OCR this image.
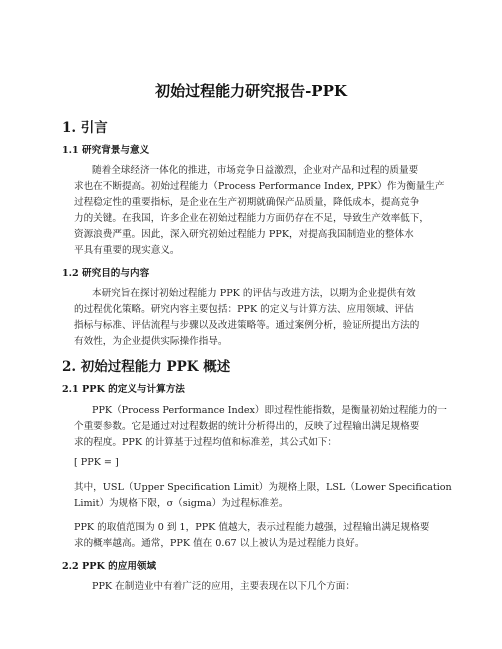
初始过程能力研究报告-PPK
1. 引言
1.1 研究背景与意义
随着全球经济一体化的推进，市场竞争日益激烈，企业对产品和过程的质量要
求也在不断提高。初始过程能力（Process Performance Index, PPK）作为衡量生产
过程稳定性的重要指标，是企业在生产初期就确保产品质量，降低成本，提高竞争
力的关键。在我国，许多企业在初始过程能力方面仍存在不足，导致生产效率低下，
资源浪费严重。因此，深入研究初始过程能力 PPK，对提高我国制造业的整体水
平具有重要的现实意义。
1.2 研究目的与内容
本研究旨在探讨初始过程能力 PPK 的评估与改进方法，以期为企业提供有效
的过程优化策略。研究内容主要包括：PPK 的定义与计算方法、应用领域、评估
指标与标准、评估流程与步骤以及改进策略等。通过案例分析，验证所提出方法的
有效性，为企业提供实际操作指导。
2. 初始过程能力 PPK 概述
2.1 PPK 的定义与计算方法
PPK（Process Performance Index）即过程性能指数，是衡量初始过程能力的一
个重要参数。它是通过对过程数据的统计分析得出的，反映了过程输出满足规格要
求的程度。PPK 的计算基于过程均值和标准差，其公式如下：
[ PPK = ]
其中，USL（Upper Specification Limit）为规格上限，LSL（Lower Specification
Limit）为规格下限，σ（sigma）为过程标准差。
PPK 的取值范围为 0 到 1，PPK 值越大，表示过程能力越强，过程输出满足规格要
求的概率越高。通常，PPK 值在 0.67 以上被认为是过程能力良好。
2.2 PPK 的应用领域
PPK 在制造业中有着广泛的应用，主要表现在以下几个方面：
